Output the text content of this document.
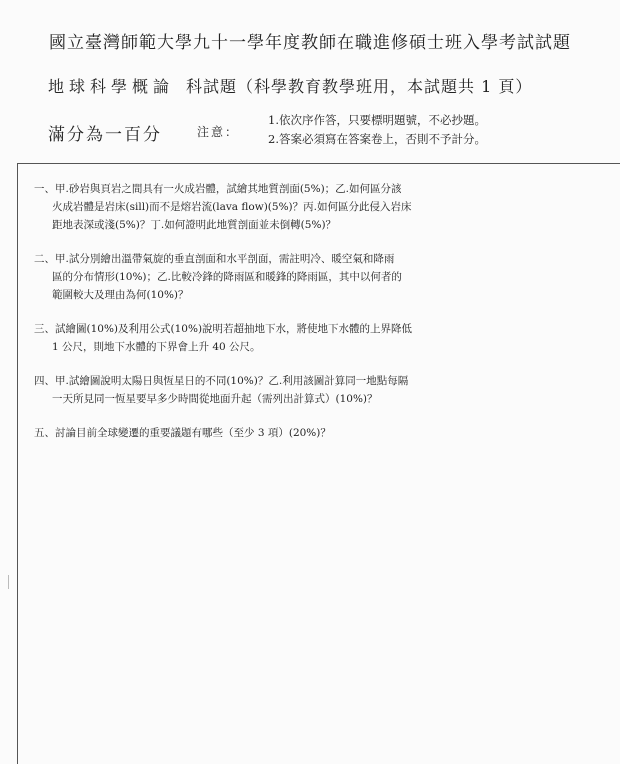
國立臺灣師範大學九十一學年度教師在職進修碩士班入學考試試題
地球科學概論 科試題（科學教育教學班用，本試題共 1 頁）
滿分為一百分	注意：
1.依次序作答，只要標明題號，不必抄題。
2.答案必須寫在答案卷上，否則不予計分。
一、甲.砂岩與頁岩之間具有一火成岩體，試繪其地質剖面(5%)；乙.如何區分該
火成岩體是岩床(sill)而不是熔岩流(lava flow)(5%)？丙.如何區分此侵入岩床
距地表深或淺(5%)？丁.如何證明此地質剖面並未倒轉(5%)？
二、甲.試分別繪出溫帶氣旋的垂直剖面和水平剖面，需註明冷、暖空氣和降雨
區的分布情形(10%)；乙.比較冷鋒的降雨區和暖鋒的降雨區，其中以何者的
範圍較大及理由為何(10%)？
三、試繪圖(10%)及利用公式(10%)說明若超抽地下水，將使地下水體的上界降低
1 公尺，則地下水體的下界會上升 40 公尺。
四、甲.試繪圖說明太陽日與恆星日的不同(10%)？乙.利用該圖計算同一地點每隔
一天所見同一恆星要早多少時間從地面升起（需列出計算式）(10%)？
五、討論目前全球變遷的重要議題有哪些（至少 3 項）(20%)？
